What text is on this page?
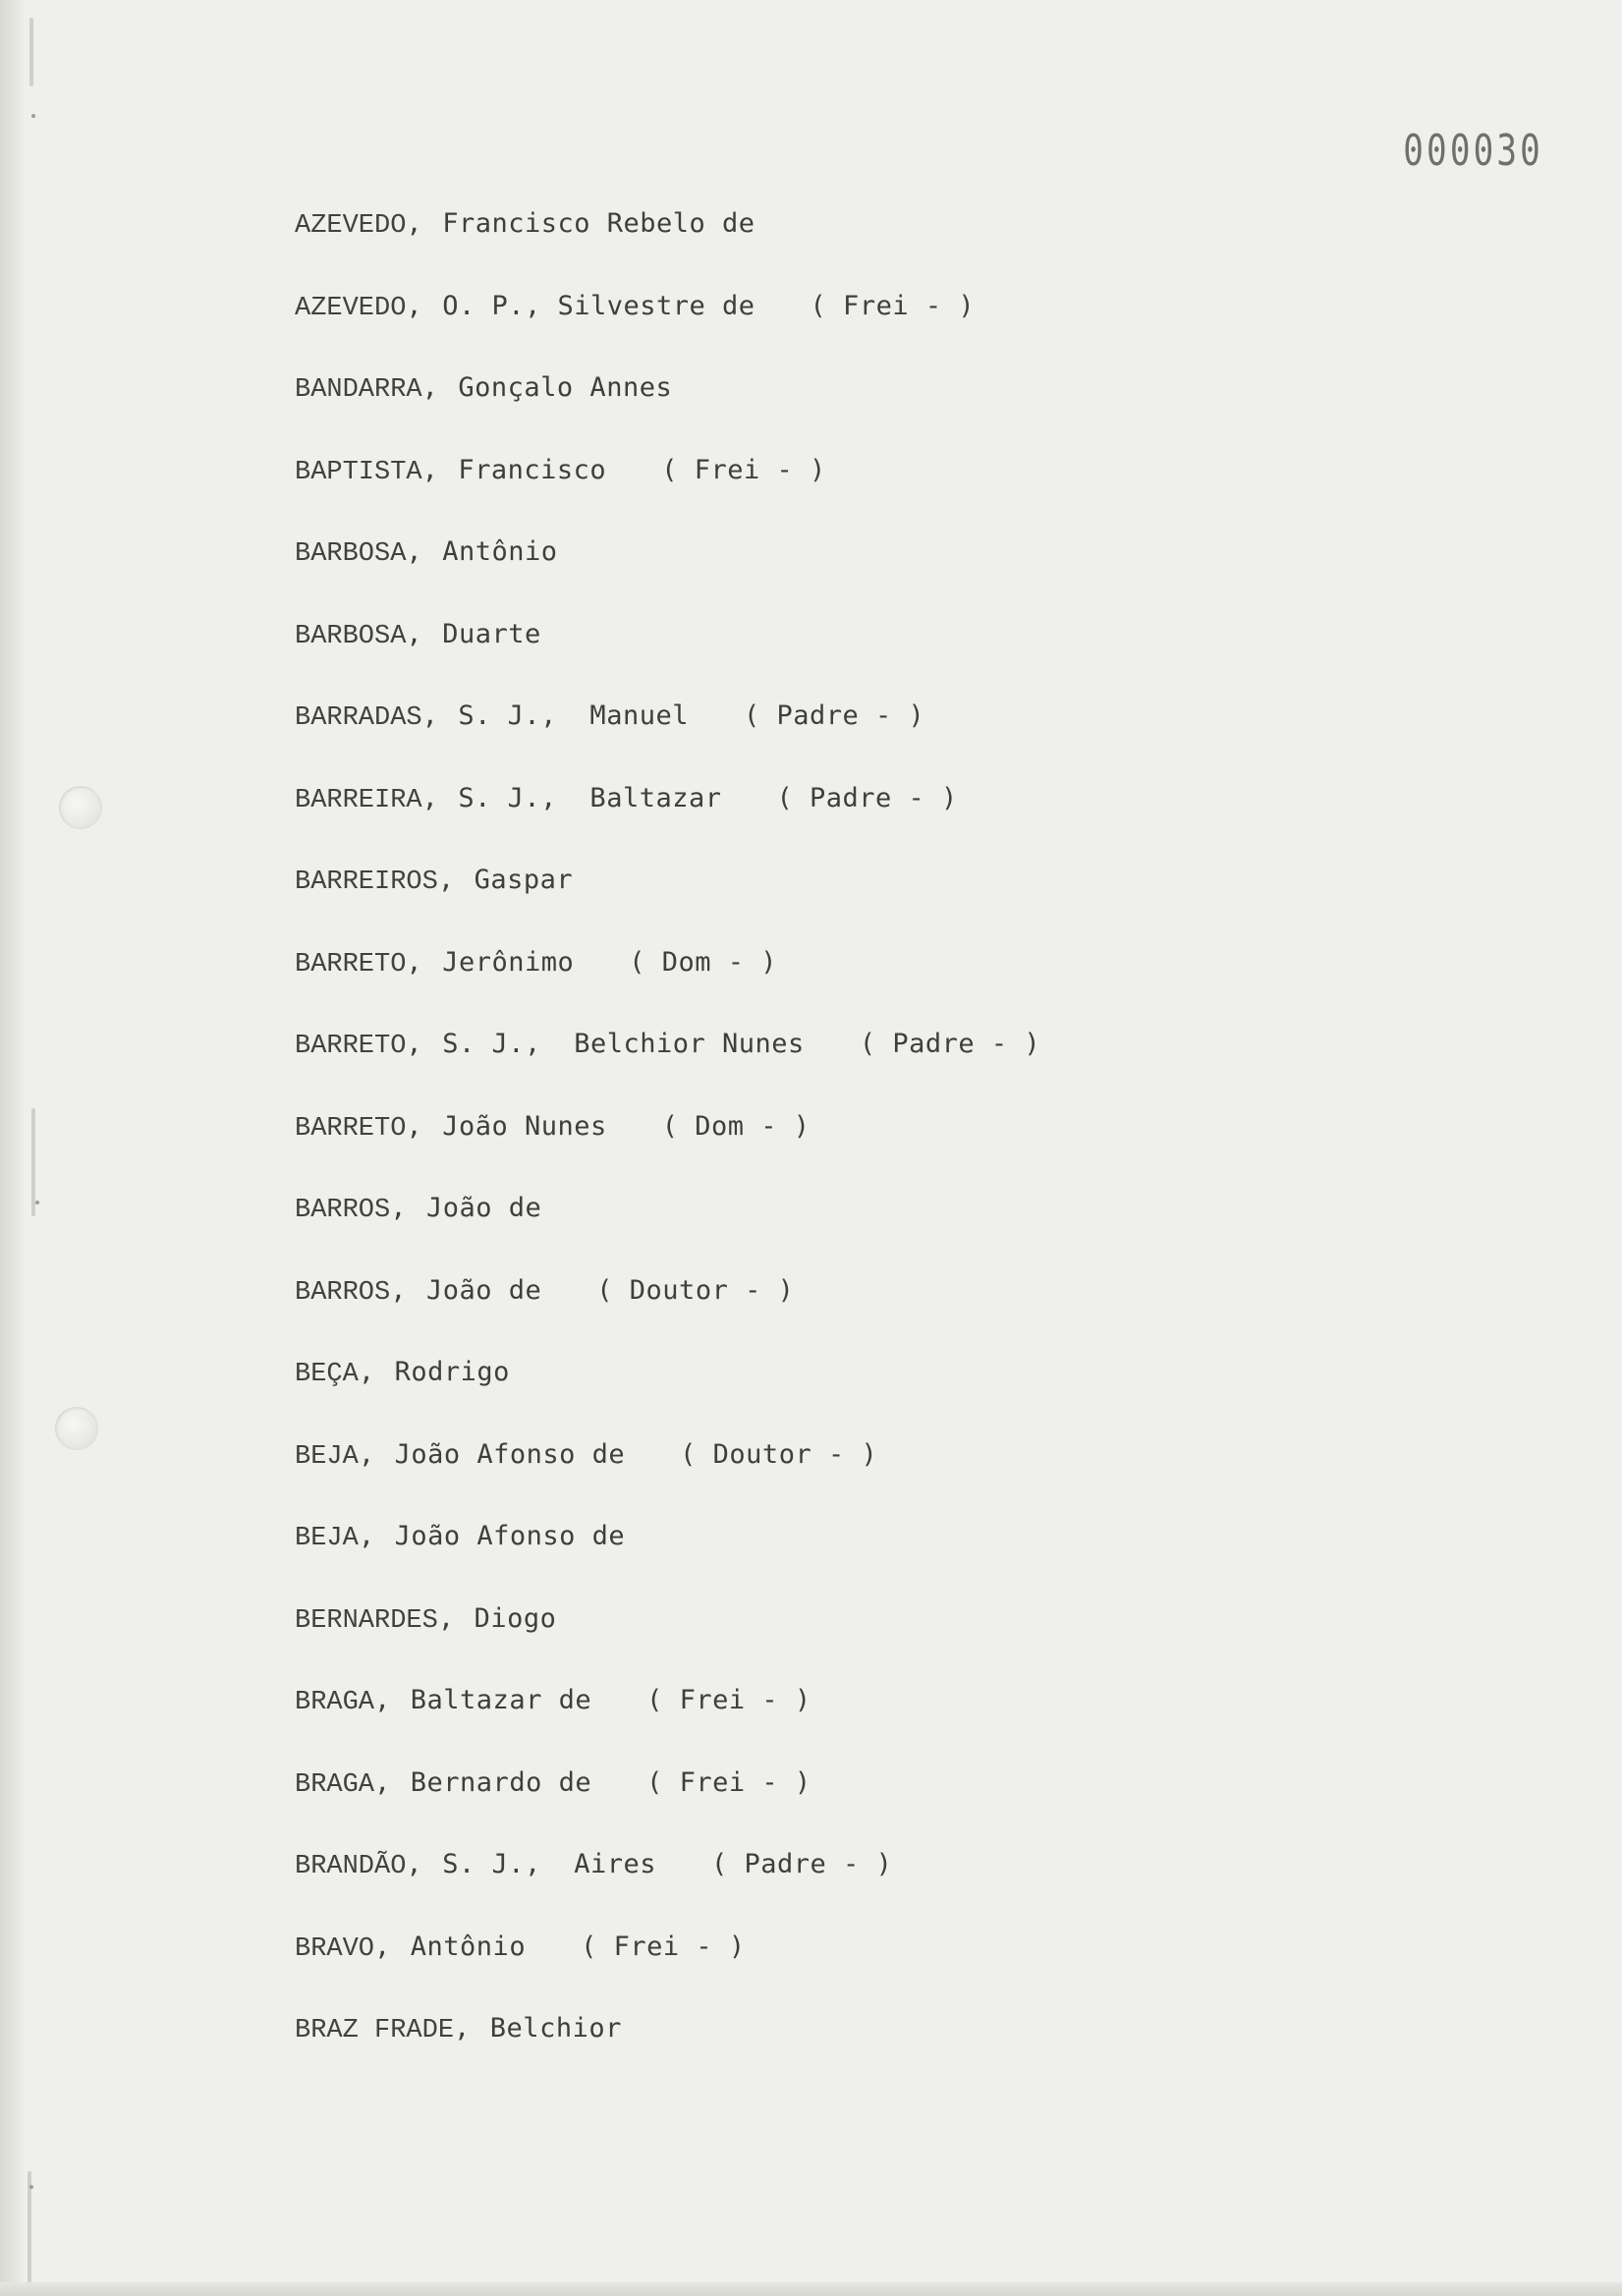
000030
AZEVEDO, Francisco Rebelo de
AZEVEDO, O. P., Silvestre de ( Frei - )
BANDARRA, Gonçalo Annes
BAPTISTA, Francisco ( Frei - )
BARBOSA, Antônio
BARBOSA, Duarte
BARRADAS, S. J.,  Manuel ( Padre - )
BARREIRA, S. J.,  Baltazar ( Padre - )
BARREIROS, Gaspar
BARRETO, Jerônimo ( Dom - )
BARRETO, S. J.,  Belchior Nunes ( Padre - )
BARRETO, João Nunes ( Dom - )
BARROS, João de
BARROS, João de ( Doutor - )
BEÇA, Rodrigo
BEJA, João Afonso de ( Doutor - )
BEJA, João Afonso de
BERNARDES, Diogo
BRAGA, Baltazar de ( Frei - )
BRAGA, Bernardo de ( Frei - )
BRANDÃO, S. J.,  Aires ( Padre - )
BRAVO, Antônio ( Frei - )
BRAZ FRADE, Belchior
